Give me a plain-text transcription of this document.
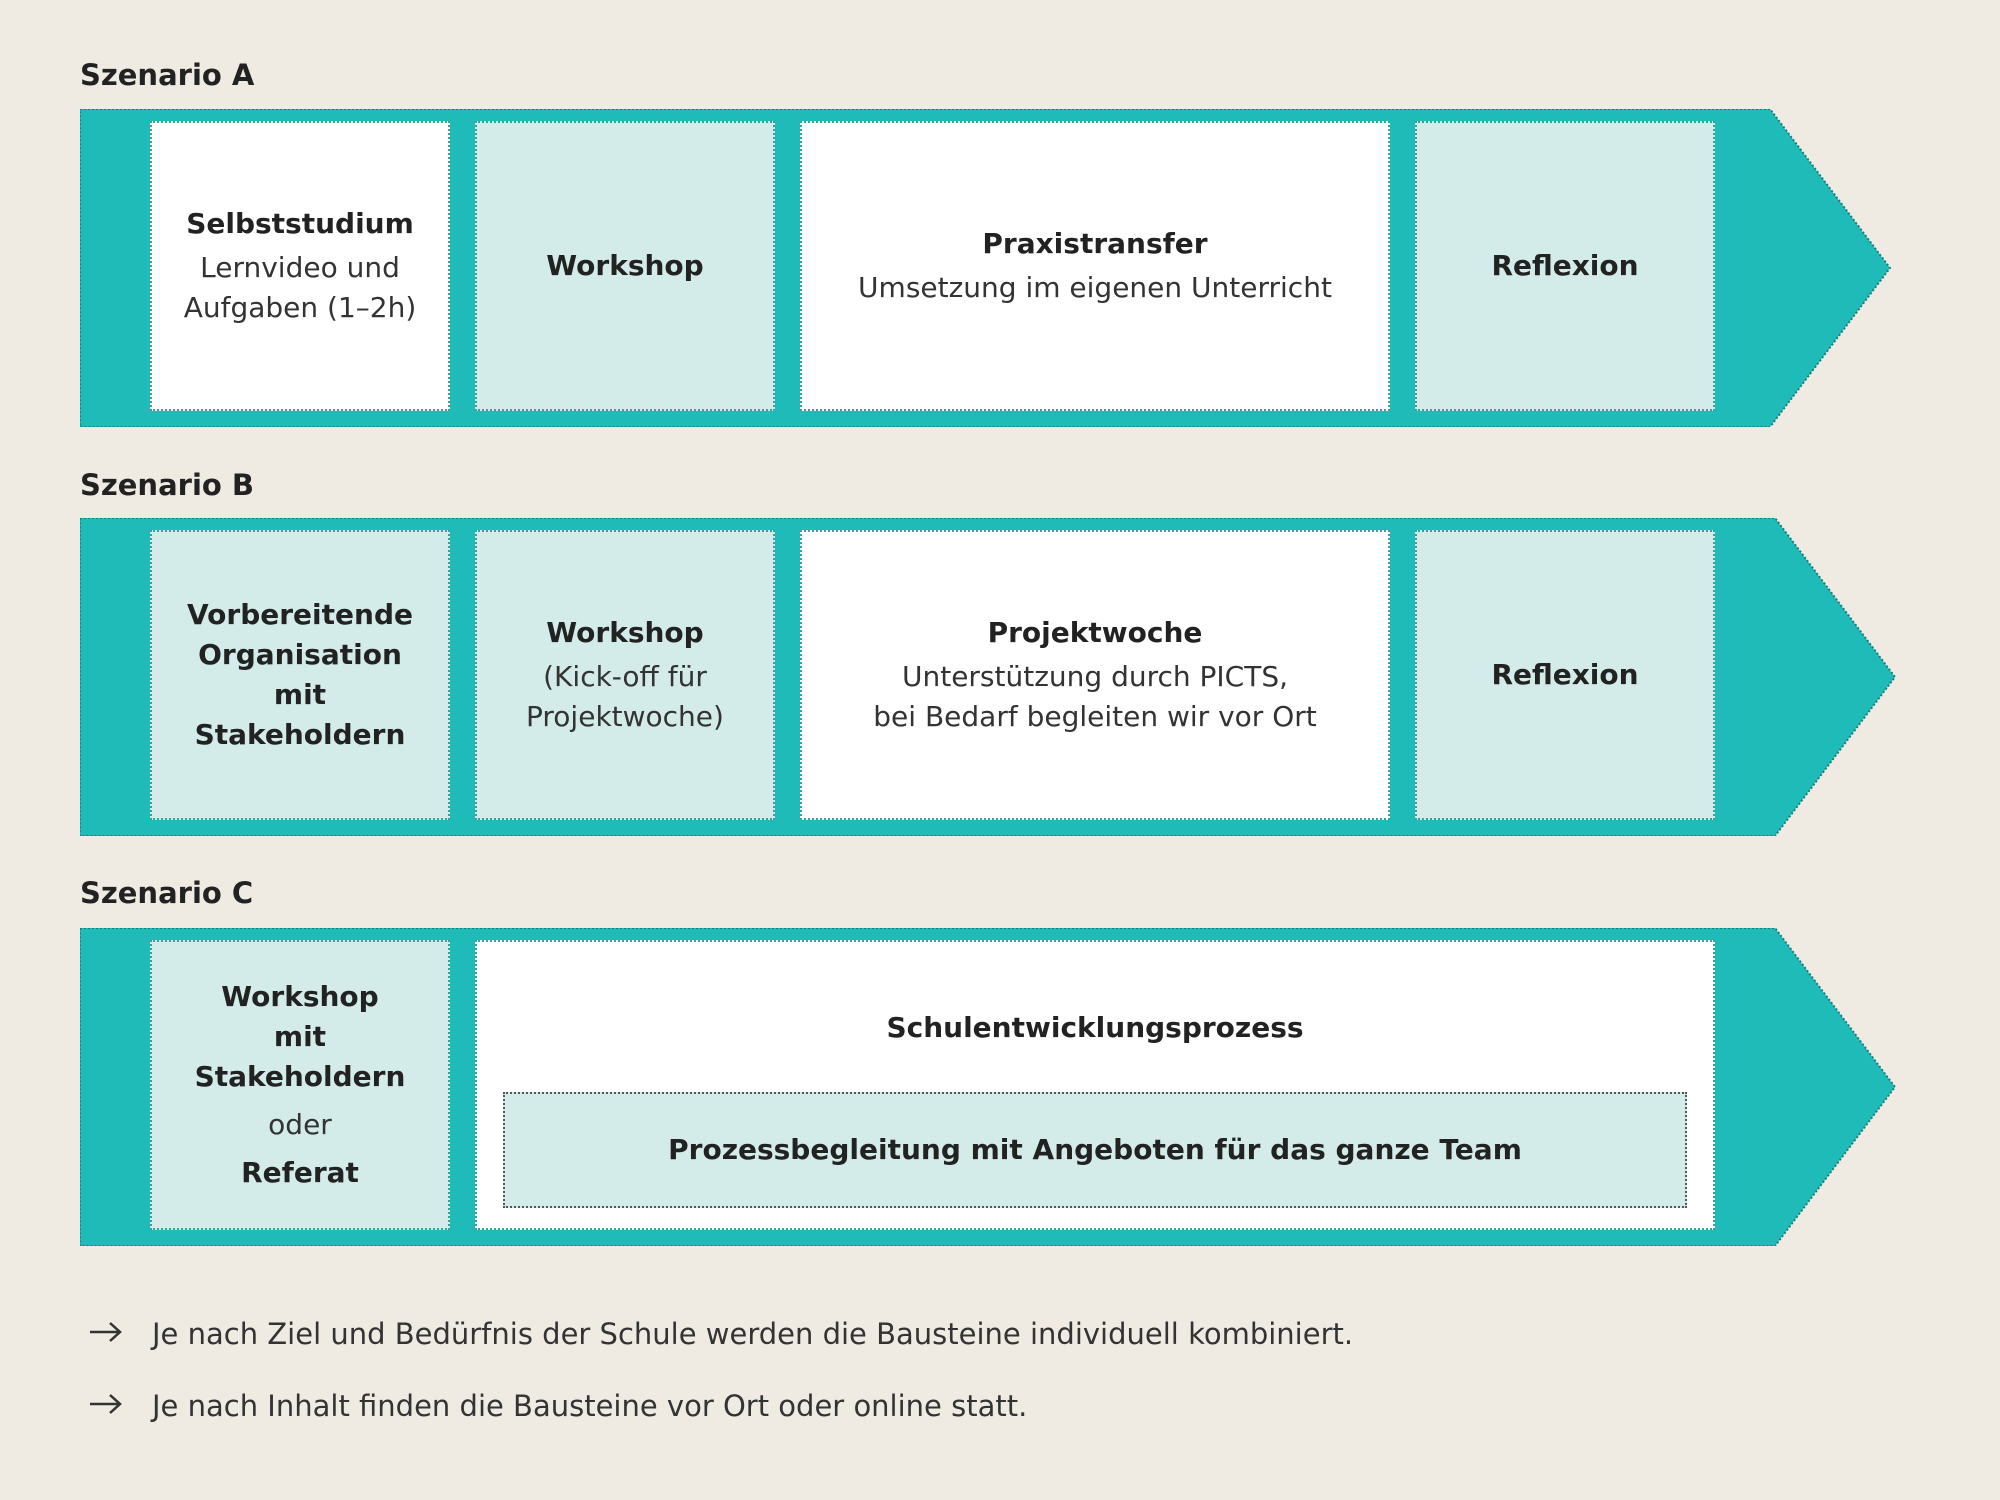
Szenario A
Selbststudium
Lernvideo und
Aufgaben (1–2h)
Workshop
Praxistransfer
Umsetzung im eigenen Unterricht
Reflexion
Szenario B
Vorbereitende
Organisation
mit
Stakeholdern
Workshop
(Kick-off für
Projektwoche)
Projektwoche
Unterstützung durch PICTS,
bei Bedarf begleiten wir vor Ort
Reflexion
Szenario C
Workshop
mit Stakeholdern
oder
Referat
Schulentwicklungsprozess
Prozessbegleitung mit Angeboten für das ganze Team
Je nach Ziel und Bedürfnis der Schule werden die Bausteine individuell kombiniert.
Je nach Inhalt finden die Bausteine vor Ort oder online statt.
